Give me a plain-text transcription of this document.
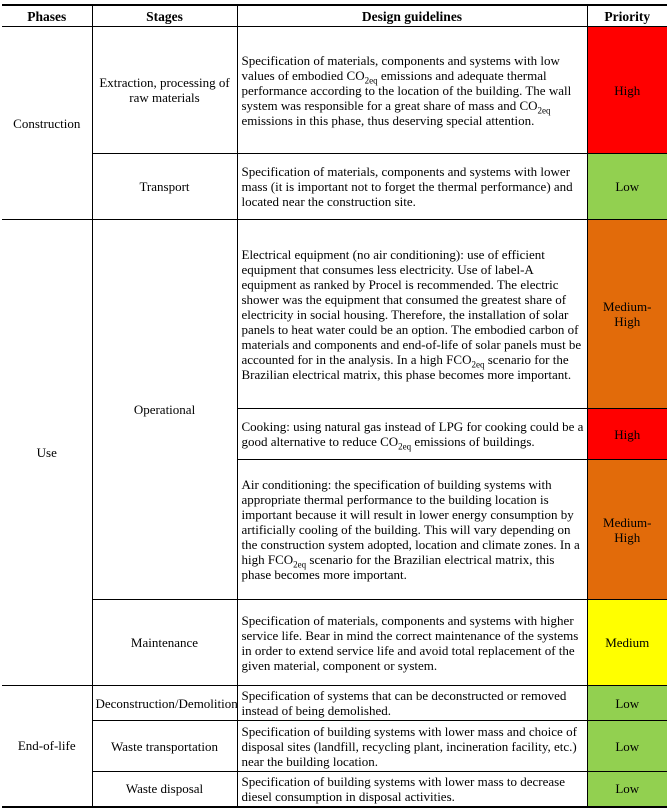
Phases	Stages	Design guidelines	Priority
Construction	Extraction, processing of raw materials	Specification of materials, components and systems with low values of embodied $CO_{2eq}$ emissions and adequate thermal performance according to the location of the building. The wall system was responsible for a great share of mass and $CO_{2eq}$ emissions in this phase, thus deserving special attention.	High
	Transport	Specification of materials, components and systems with lower mass (it is important not to forget the thermal performance) and located near the construction site.	Low
Use	Operational	Electrical equipment (no air conditioning): use of efficient equipment that consumes less electricity. Use of label-A equipment as ranked by Procel is recommended. The electric shower was the equipment that consumed the greatest share of electricity in social housing. Therefore, the installation of solar panels to heat water could be an option. The embodied carbon of materials and components and end-of-life of solar panels must be accounted for in the analysis. In a high $FCO_{2eq}$ scenario for the Brazilian electrical matrix, this phase becomes more important.	Medium-High
		Cooking: using natural gas instead of LPG for cooking could be a good alternative to reduce $CO_{2eq}$ emissions of buildings.	High
		Air conditioning: the specification of building systems with appropriate thermal performance to the building location is important because it will result in lower energy consumption by artificially cooling of the building. This will vary depending on the construction system adopted, location and climate zones. In a high $FCO_{2eq}$ scenario for the Brazilian electrical matrix, this phase becomes more important.	Medium-High
	Maintenance	Specification of materials, components and systems with higher service life. Bear in mind the correct maintenance of the systems in order to extend service life and avoid total replacement of the given material, component or system.	Medium
End-of-life	Deconstruction/Demolition	Specification of systems that can be deconstructed or removed instead of being demolished.	Low
	Waste transportation	Specification of building systems with lower mass and choice of disposal sites (landfill, recycling plant, incineration facility, etc.) near the building location.	Low
	Waste disposal	Specification of building systems with lower mass to decrease diesel consumption in disposal activities.	Low
